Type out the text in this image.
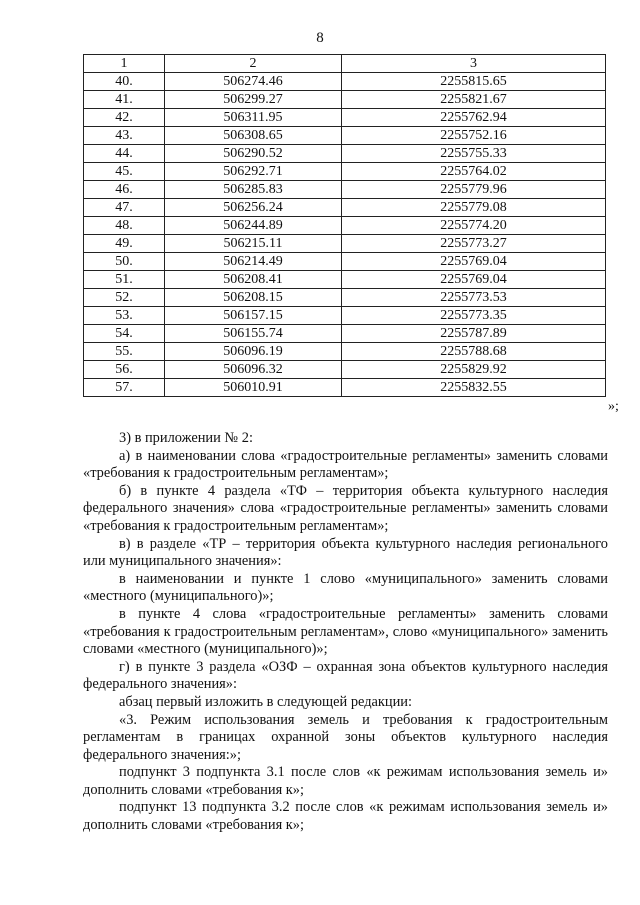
8
1	2	3
40.	506274.46	2255815.65
41.	506299.27	2255821.67
42.	506311.95	2255762.94
43.	506308.65	2255752.16
44.	506290.52	2255755.33
45.	506292.71	2255764.02
46.	506285.83	2255779.96
47.	506256.24	2255779.08
48.	506244.89	2255774.20
49.	506215.11	2255773.27
50.	506214.49	2255769.04
51.	506208.41	2255769.04
52.	506208.15	2255773.53
53.	506157.15	2255773.35
54.	506155.74	2255787.89
55.	506096.19	2255788.68
56.	506096.32	2255829.92
57.	506010.91	2255832.55
»;

3) в приложении № 2:

а) в наименовании слова «градостроительные регламенты» заменить словами «требования к градостроительным регламентам»;

б) в пункте 4 раздела «ТФ – территория объекта культурного наследия федерального значения» слова «градостроительные регламенты» заменить словами «требования к градостроительным регламентам»;

в) в разделе «ТР – территория объекта культурного наследия регионального или муниципального значения»:

в наименовании и пункте 1 слово «муниципального» заменить словами «местного (муниципального)»;

в пункте 4 слова «градостроительные регламенты» заменить словами «требования к градостроительным регламентам», слово «муниципального» заменить словами «местного (муниципального)»;

г) в пункте 3 раздела «ОЗФ – охранная зона объектов культурного наследия федерального значения»:

абзац первый изложить в следующей редакции:

«3. Режим использования земель и требования к градостроительным регламентам в границах охранной зоны объектов культурного наследия федерального значения:»;

подпункт 3 подпункта 3.1 после слов «к режимам использования земель и» дополнить словами «требования к»;

подпункт 13 подпункта 3.2 после слов «к режимам использования земель и» дополнить словами «требования к»;
